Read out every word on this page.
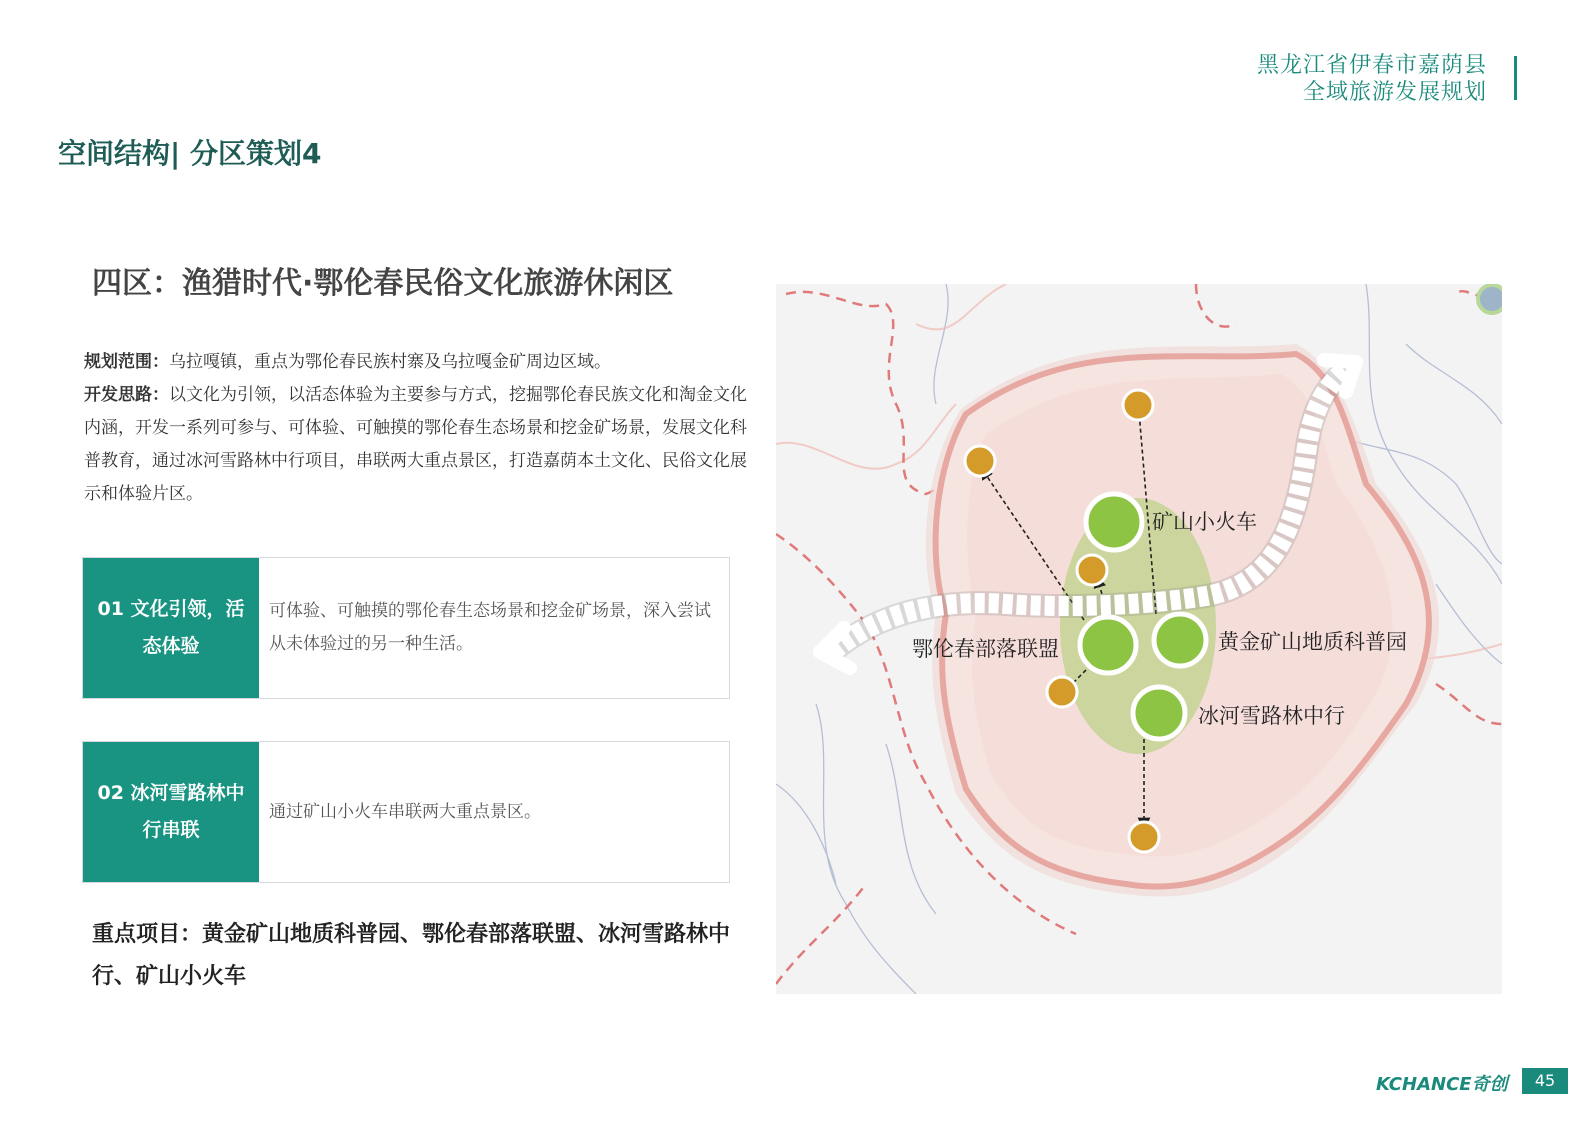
黑龙江省伊春市嘉荫县
全域旅游发展规划
空间结构| 分区策划4
四区：渔猎时代·鄂伦春民俗文化旅游休闲区
规划范围：乌拉嘎镇，重点为鄂伦春民族村寨及乌拉嘎金矿周边区域。
开发思路：以文化为引领，以活态体验为主要参与方式，挖掘鄂伦春民族文化和淘金文化内涵，开发一系列可参与、可体验、可触摸的鄂伦春生态场景和挖金矿场景，发展文化科普教育，通过冰河雪路林中行项目，串联两大重点景区，打造嘉荫本土文化、民俗文化展示和体验片区。
01 文化引领，活态体验
可体验、可触摸的鄂伦春生态场景和挖金矿场景，深入尝试从未体验过的另一种生活。
02 冰河雪路林中行串联
通过矿山小火车串联两大重点景区。
重点项目：黄金矿山地质科普园、鄂伦春部落联盟、冰河雪路林中行、矿山小火车
矿山小火车
鄂伦春部落联盟	黄金矿山地质科普园
冰河雪路林中行
KCHANCE奇创	45
